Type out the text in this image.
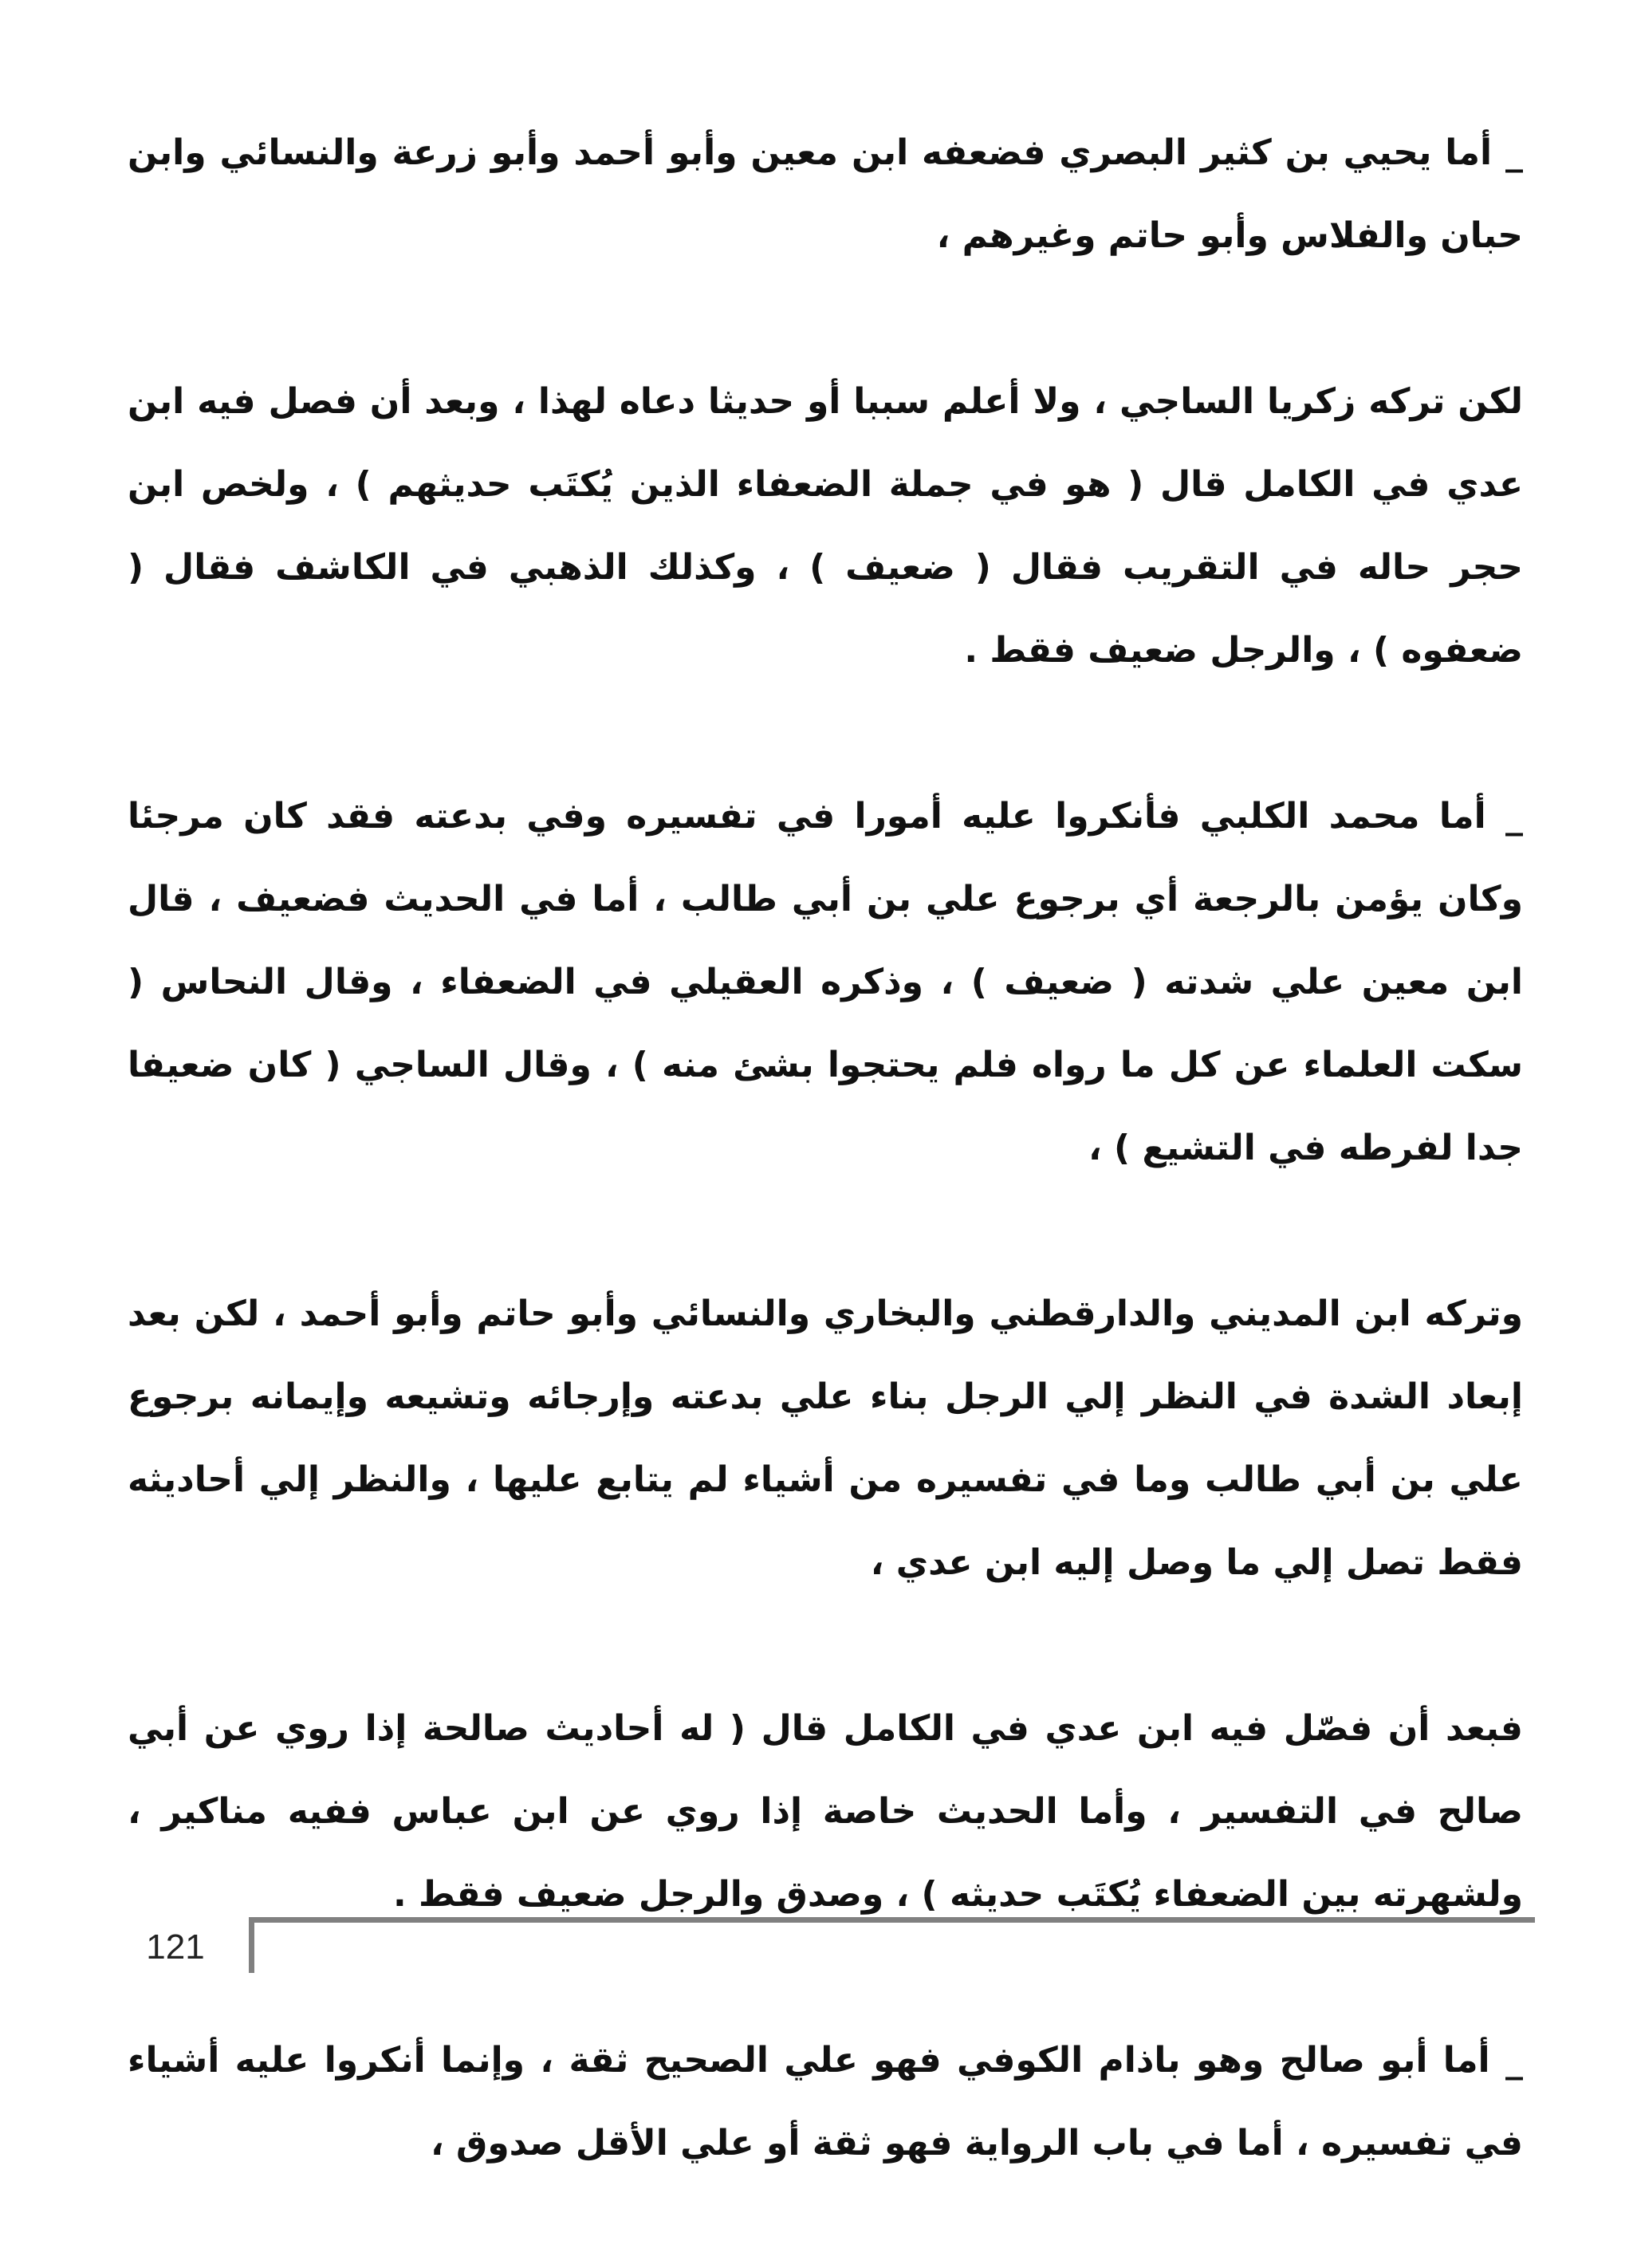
_ أما يحيي بن كثير البصري فضعفه ابن معين وأبو أحمد وأبو زرعة والنسائي وابن حبان والفلاس وأبو حاتم وغيرهم ،

لكن تركه زكريا الساجي ، ولا أعلم سببا أو حديثا دعاه لهذا ، وبعد أن فصل فيه ابن عدي في الكامل قال ( هو في جملة الضعفاء الذين يُكتَب حديثهم ) ، ولخص ابن حجر حاله في التقريب فقال ( ضعيف ) ، وكذلك الذهبي في الكاشف فقال ( ضعفوه ) ، والرجل ضعيف فقط .

_ أما محمد الكلبي فأنكروا عليه أمورا في تفسيره وفي بدعته فقد كان مرجئا وكان يؤمن بالرجعة أي برجوع علي بن أبي طالب ، أما في الحديث فضعيف ، قال ابن معين علي شدته ( ضعيف ) ، وذكره العقيلي في الضعفاء ، وقال النحاس ( سكت العلماء عن كل ما رواه فلم يحتجوا بشئ منه ) ، وقال الساجي ( كان ضعيفا جدا لفرطه في التشيع ) ،

وتركه ابن المديني والدارقطني والبخاري والنسائي وأبو حاتم وأبو أحمد ، لكن بعد إبعاد الشدة في النظر إلي الرجل بناء علي بدعته وإرجائه وتشيعه وإيمانه برجوع علي بن أبي طالب وما في تفسيره من أشياء لم يتابع عليها ، والنظر إلي أحاديثه فقط تصل إلي ما وصل إليه ابن عدي ،

فبعد أن فصّل فيه ابن عدي في الكامل قال ( له أحاديث صالحة إذا روي عن أبي صالح في التفسير ، وأما الحديث خاصة إذا روي عن ابن عباس ففيه مناكير ، ولشهرته بين الضعفاء يُكتَب حديثه ) ، وصدق والرجل ضعيف فقط .

_ أما أبو صالح وهو باذام الكوفي فهو علي الصحيح ثقة ، وإنما أنكروا عليه أشياء في تفسيره ، أما في باب الرواية فهو ثقة أو علي الأقل صدوق ،

121
